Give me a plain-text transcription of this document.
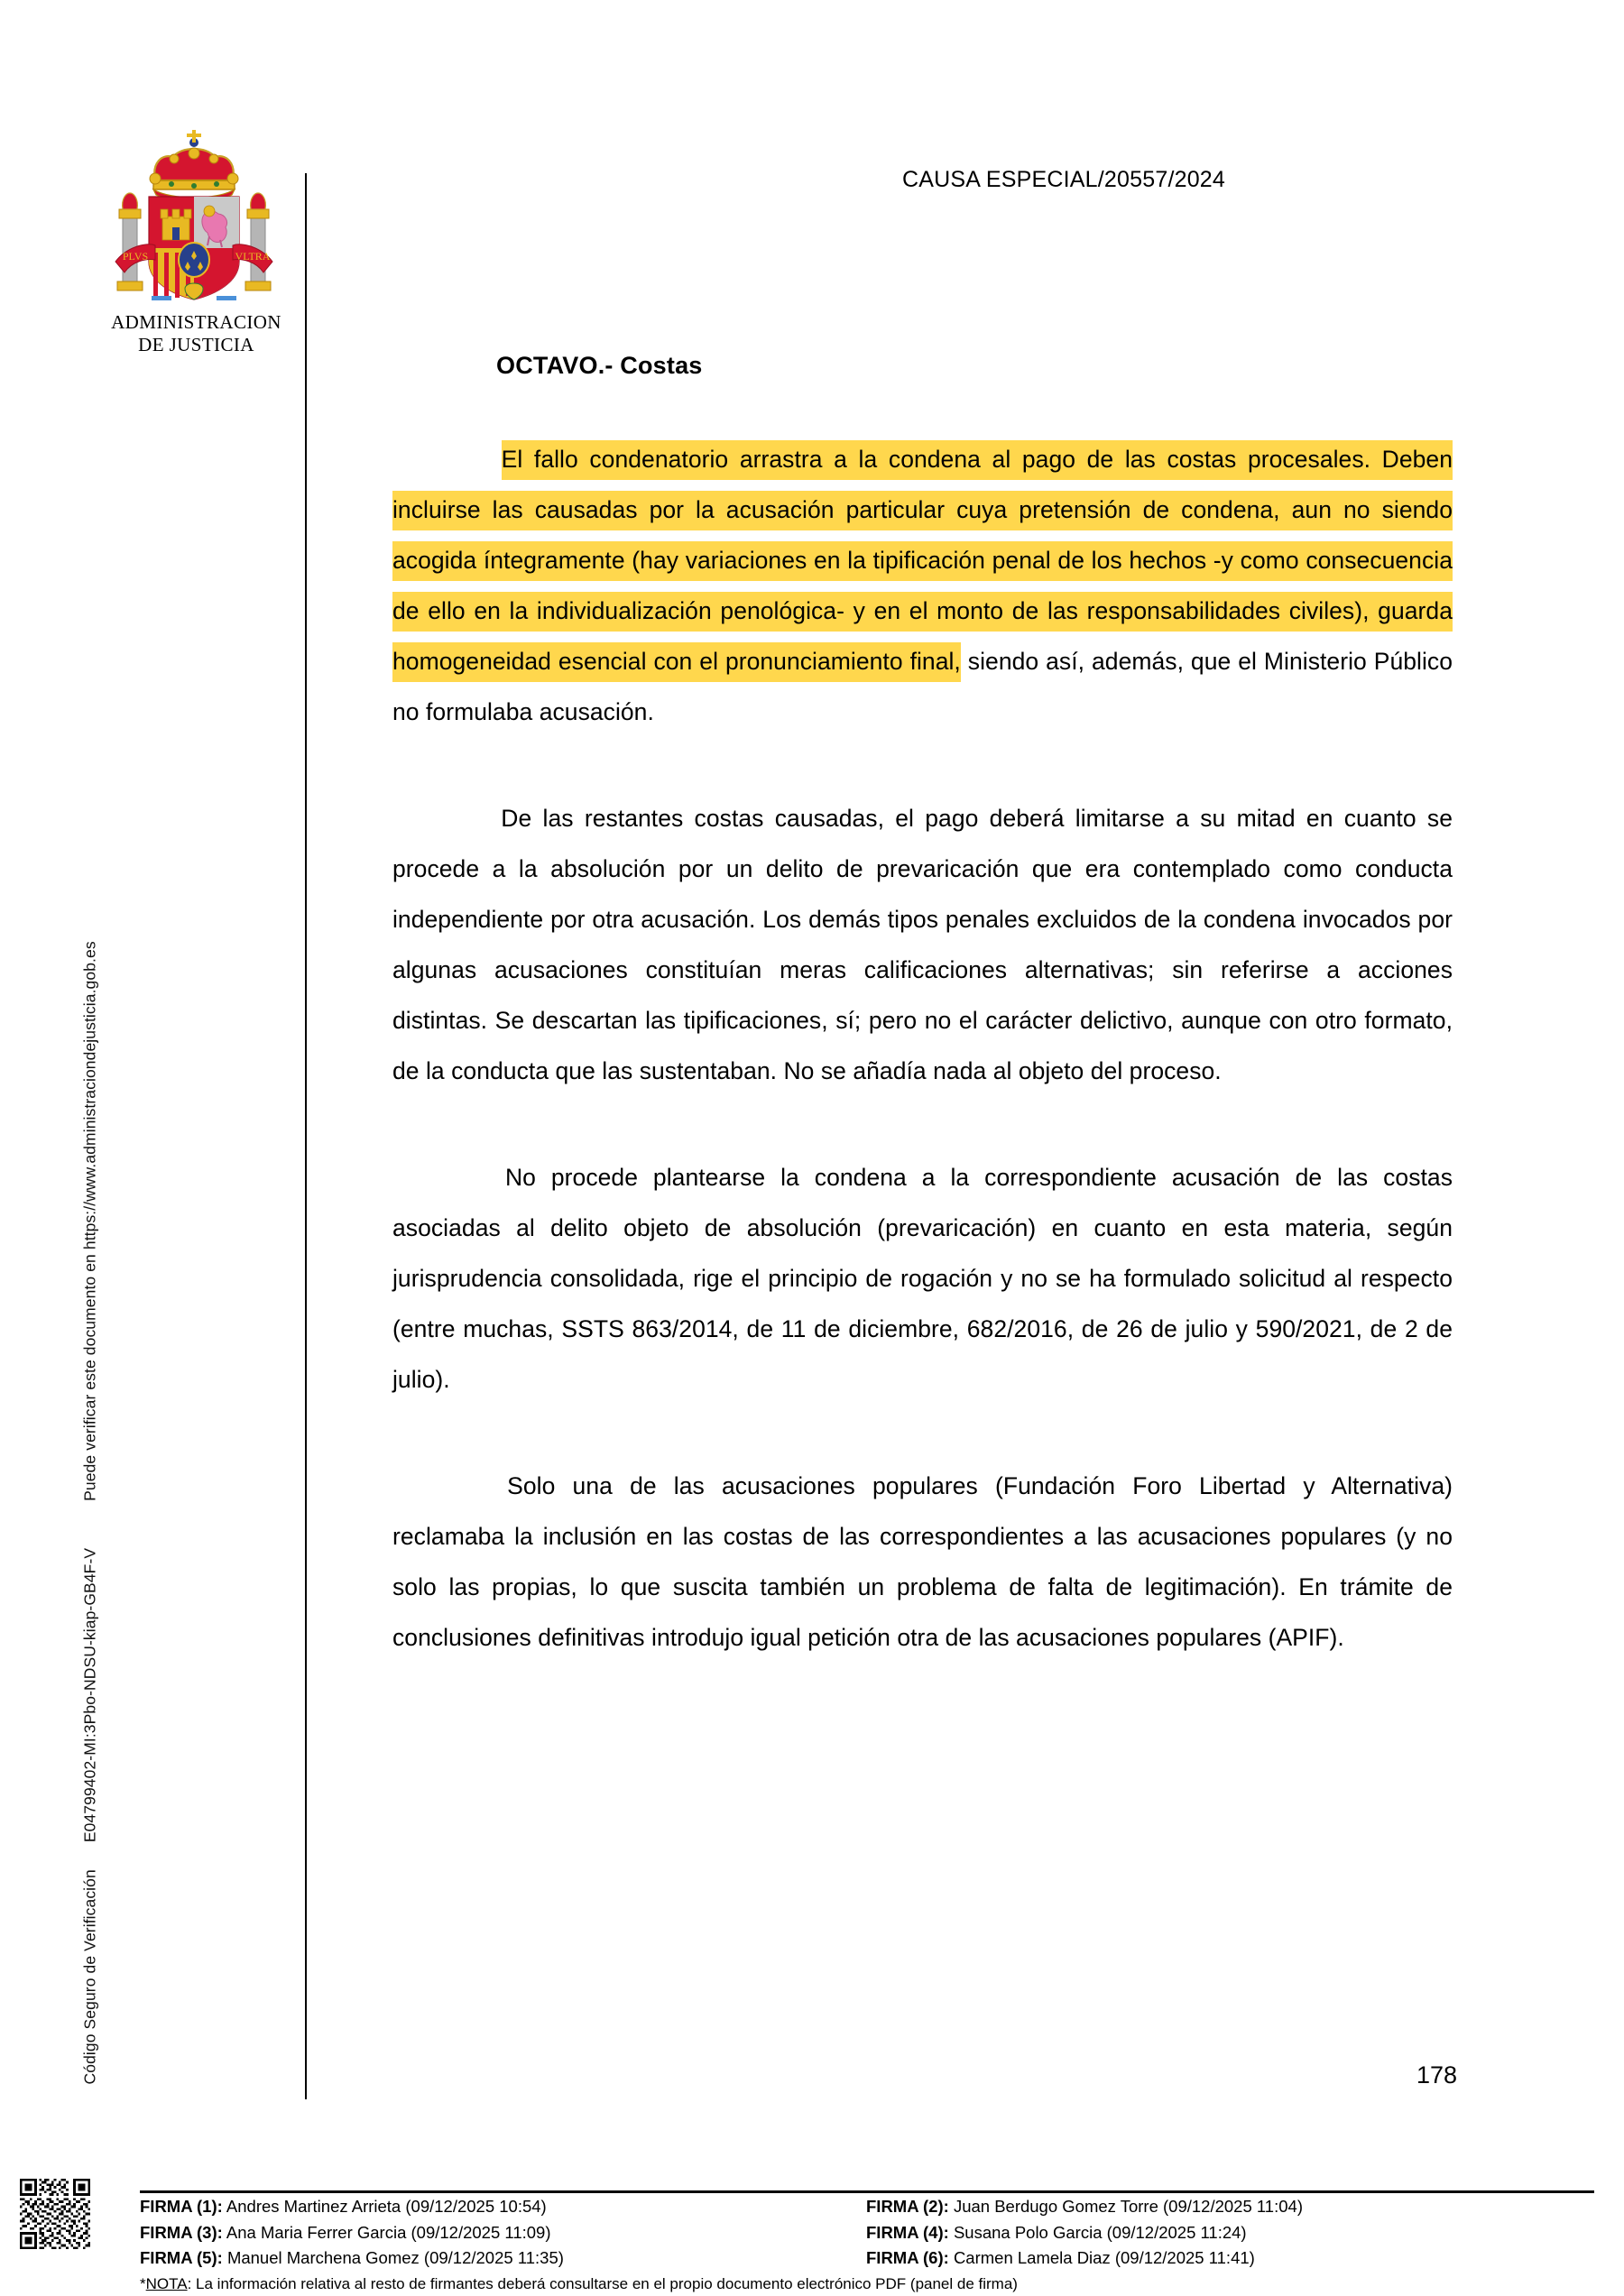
Código Seguro de VerificaciónE04799402-MI:3Pbo-NDSU-kiap-GB4F-VPuede verificar este documento en https://www.administraciondejusticia.gob.es
PLVS	VLTRA
ADMINISTRACION
DE JUSTICIA
CAUSA ESPECIAL/20557/2024
OCTAVO.- Costas

El fallo condenatorio arrastra a la condena al pago de las costas procesales. Deben incluirse las causadas por la acusación particular cuya pretensión de condena, aun no siendo acogida íntegramente (hay variaciones en la tipificación penal de los hechos -y como consecuencia de ello en la individualización penológica- y en el monto de las responsabilidades civiles), guarda homogeneidad esencial con el pronunciamiento final, siendo así, además, que el Ministerio Público no formulaba acusación.

De las restantes costas causadas, el pago deberá limitarse a su mitad en cuanto se procede a la absolución por un delito de prevaricación que era contemplado como conducta independiente por otra acusación. Los demás tipos penales excluidos de la condena invocados por algunas acusaciones constituían meras calificaciones alternativas; sin referirse a acciones distintas. Se descartan las tipificaciones, sí; pero no el carácter delictivo, aunque con otro formato, de la conducta que las sustentaban. No se añadía nada al objeto del proceso.

No procede plantearse la condena a la correspondiente acusación de las costas asociadas al delito objeto de absolución (prevaricación) en cuanto en esta materia, según jurisprudencia consolidada, rige el principio de rogación y no se ha formulado solicitud al respecto (entre muchas, SSTS 863/2014, de 11 de diciembre, 682/2016, de 26 de julio y 590/2021, de 2 de julio).

Solo una de las acusaciones populares (Fundación Foro Libertad y Alternativa) reclamaba la inclusión en las costas de las correspondientes a las acusaciones populares (y no solo las propias, lo que suscita también un problema de falta de legitimación). En trámite de conclusiones definitivas introdujo igual petición otra de las acusaciones populares (APIF).

178
FIRMA (1): Andres Martinez Arrieta (09/12/2025 10:54)	FIRMA (2): Juan Berdugo Gomez Torre (09/12/2025 11:04)
FIRMA (3): Ana Maria Ferrer Garcia (09/12/2025 11:09)	FIRMA (4): Susana Polo Garcia (09/12/2025 11:24)
FIRMA (5): Manuel Marchena Gomez (09/12/2025 11:35)	FIRMA (6): Carmen Lamela Diaz (09/12/2025 11:41)
*NOTA: La información relativa al resto de firmantes deberá consultarse en el propio documento electrónico PDF (panel de firma)
